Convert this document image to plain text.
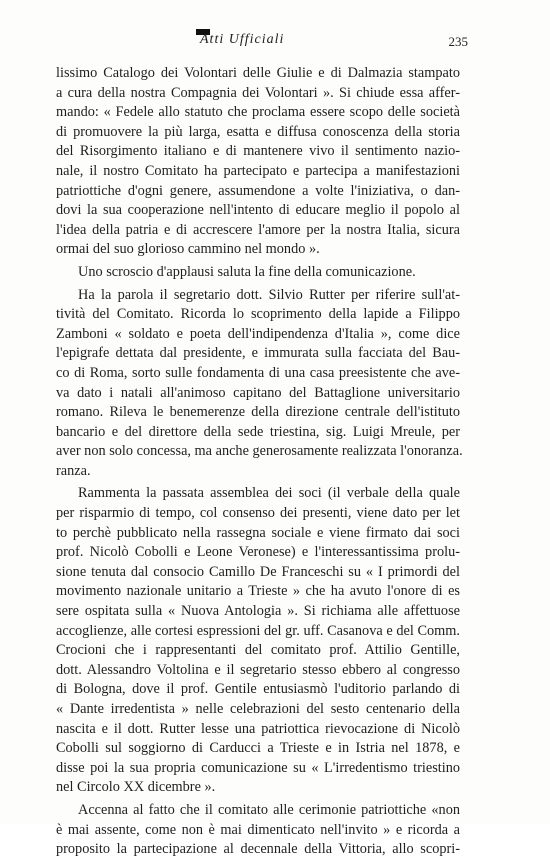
Atti Ufficiali	235
lissimo Catalogo dei Volontari delle Giulie e di Dalmazia stampato
a cura della nostra Compagnia dei Volontari ». Si chiude essa affer-
mando: « Fedele allo statuto che proclama essere scopo delle società
di promuovere la più larga, esatta e diffusa conoscenza della storia
del Risorgimento italiano e di mantenere vivo il sentimento nazio-
nale, il nostro Comitato ha partecipato e partecipa a manifestazioni
patriottiche d'ogni genere, assumendone a volte l'iniziativa, o dan-
dovi la sua cooperazione nell'intento di educare meglio il popolo al
l'idea della patria e di accrescere l'amore per la nostra Italia, sicura
ormai del suo glorioso cammino nel mondo ».
Uno scroscio d'applausi saluta la fine della comunicazione.
Ha la parola il segretario dott. Silvio Rutter per riferire sull'at-
tività del Comitato. Ricorda lo scoprimento della lapide a Filippo
Zamboni « soldato e poeta dell'indipendenza d'Italia », come dice
l'epigrafe dettata dal presidente, e immurata sulla facciata del Bau-
co di Roma, sorto sulle fondamenta di una casa preesistente che ave-
va dato i natali all'animoso capitano del Battaglione universitario
romano. Rileva le benemerenze della direzione centrale dell'istituto
bancario e del direttore della sede triestina, sig. Luigi Mreule, per
aver non solo concessa, ma anche generosamente realizzata l'onoranza.
ranza.
Rammenta la passata assemblea dei soci (il verbale della quale
per risparmio di tempo, col consenso dei presenti, viene dato per let
to perchè pubblicato nella rassegna sociale e viene firmato dai soci
prof. Nicolò Cobolli e Leone Veronese) e l'interessantissima prolu-
sione tenuta dal consocio Camillo De Franceschi su « I primordi del
movimento nazionale unitario a Trieste » che ha avuto l'onore di es
sere ospitata sulla « Nuova Antologia ». Si richiama alle affettuose
accoglienze, alle cortesi espressioni del gr. uff. Casanova e del Comm.
Crocioni che i rappresentanti del comitato prof. Attilio Gentille,
dott. Alessandro Voltolina e il segretario stesso ebbero al congresso
di Bologna, dove il prof. Gentile entusiasmò l'uditorio parlando di
« Dante irredentista » nelle celebrazioni del sesto centenario della
nascita e il dott. Rutter lesse una patriottica rievocazione di Nicolò
Cobolli sul soggiorno di Carducci a Trieste e in Istria nel 1878, e
disse poi la sua propria comunicazione su « L'irredentismo triestino
nel Circolo XX dicembre ».
Accenna al fatto che il comitato alle cerimonie patriottiche «non
è mai assente, come non è mai dimenticato nell'invito » e ricorda a
proposito la partecipazione al decennale della Vittoria, allo scopri-
